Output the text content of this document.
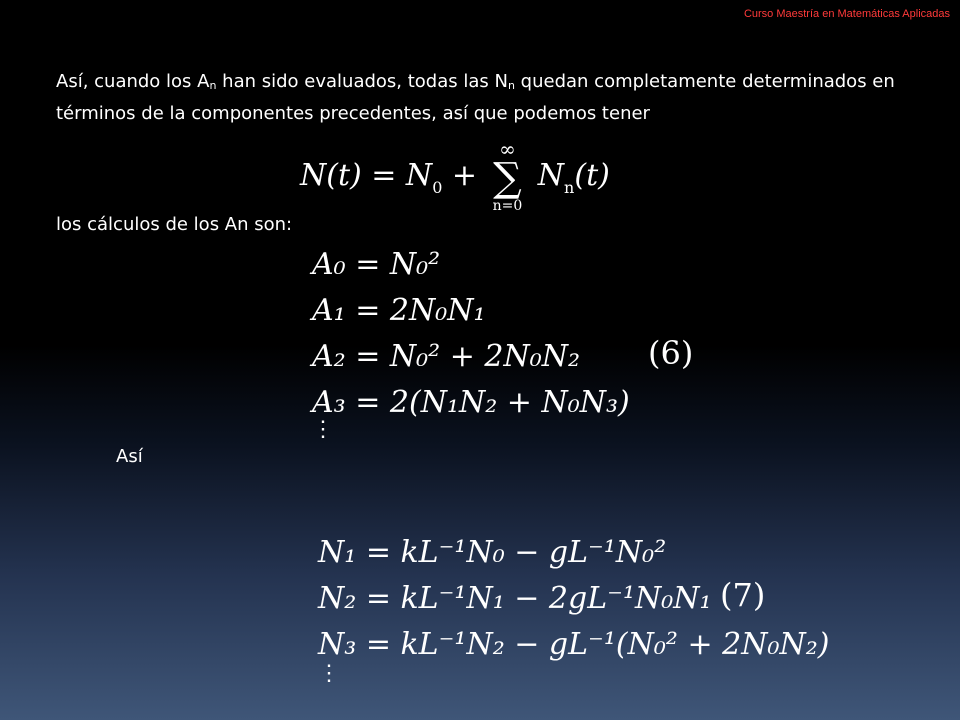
Curso Maestría en Matemáticas Aplicadas
Así, cuando los An han sido evaluados, todas las Nn quedan completamente determinados en términos de la componentes precedentes, así que podemos tener
$N(t) = N_0$ +
∞
∑
n=0
$N_n(t)$
los cálculos de los An son:
A₀ = N₀²
A₁ = 2N₀N₁
A₂ = N₀² + 2N₀N₂
A₃ = 2(N₁N₂ + N₀N₃)
⋮
(6)
Así
N₁ = kL⁻¹N₀ − gL⁻¹N₀²
N₂ = kL⁻¹N₁ − 2gL⁻¹N₀N₁
N₃ = kL⁻¹N₂ − gL⁻¹(N₀² + 2N₀N₂)
⋮
(7)
